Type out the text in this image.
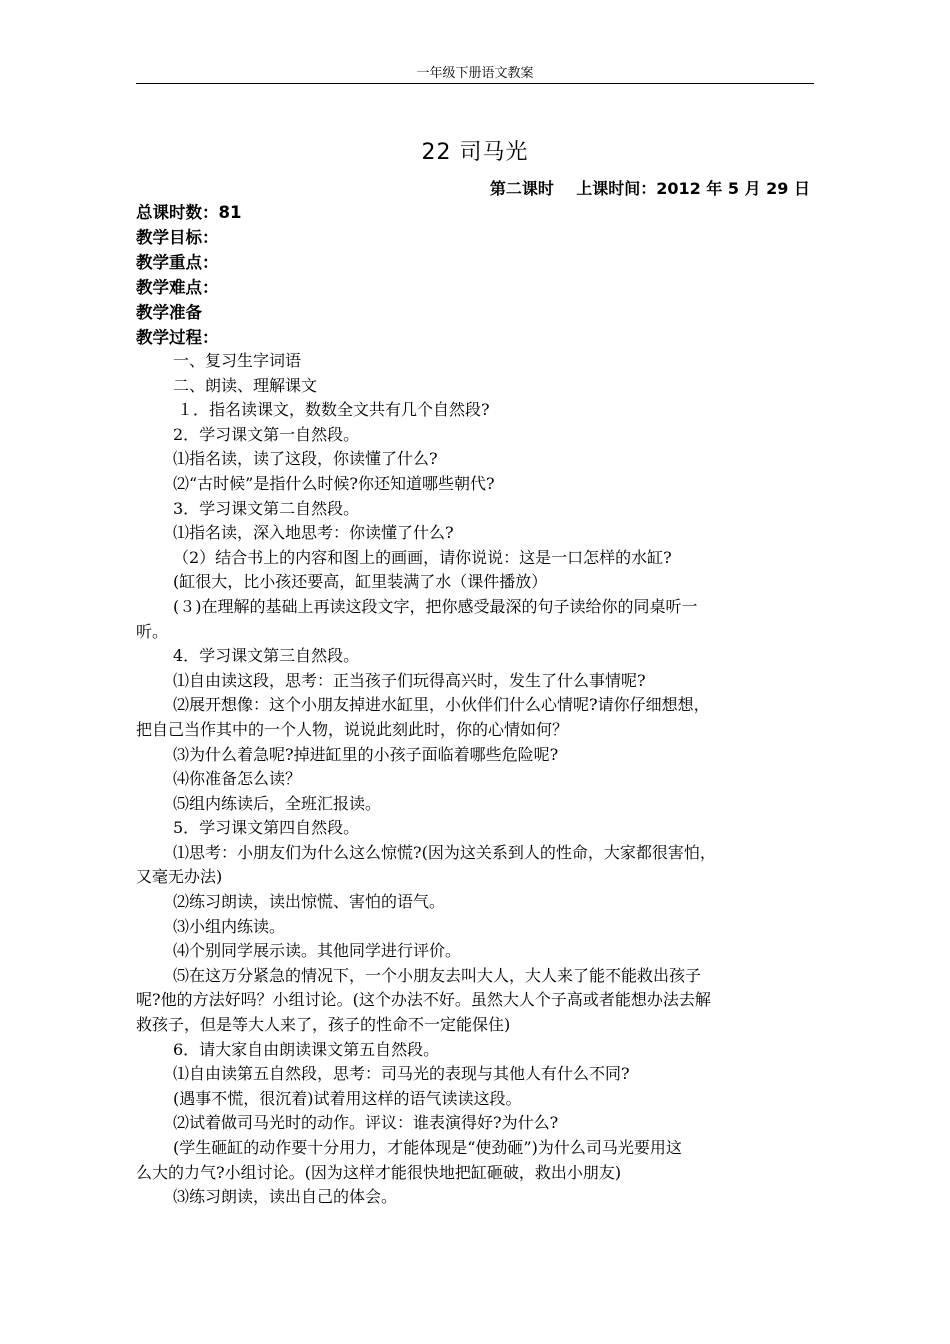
一年级下册语文教案
22 司马光
第二课时    上课时间：2012 年 5 月 29 日
总课时数：81
教学目标：
教学重点：
教学难点：
教学准备
教学过程：
一、复习生字词语
二、朗读、理解课文
１．指名读课文，数数全文共有几个自然段?
2．学习课文第一自然段。
⑴指名读，读了这段，你读懂了什么?
⑵“古时候”是指什么时候?你还知道哪些朝代?
3．学习课文第二自然段。
⑴指名读，深入地思考：你读懂了什么?
（2）结合书上的内容和图上的画画，请你说说：这是一口怎样的水缸?
(缸很大，比小孩还要高，缸里装满了水（课件播放）
(３)在理解的基础上再读这段文字，把你感受最深的句子读给你的同桌听一
听。
4．学习课文第三自然段。
⑴自由读这段，思考：正当孩子们玩得高兴时，发生了什么事情呢?
⑵展开想像：这个小朋友掉进水缸里，小伙伴们什么心情呢?请你仔细想想，
把自己当作其中的一个人物，说说此刻此时，你的心情如何？
⑶为什么着急呢?掉进缸里的小孩子面临着哪些危险呢?
⑷你准备怎么读？
⑸组内练读后，全班汇报读。
5．学习课文第四自然段。
⑴思考：小朋友们为什么这么惊慌?(因为这关系到人的性命，大家都很害怕，
又毫无办法)
⑵练习朗读，读出惊慌、害怕的语气。
⑶小组内练读。
⑷个别同学展示读。其他同学进行评价。
⑸在这万分紧急的情况下，一个小朋友去叫大人，大人来了能不能救出孩子
呢?他的方法好吗？小组讨论。(这个办法不好。虽然大人个子高或者能想办法去解
救孩子，但是等大人来了，孩子的性命不一定能保住)
6．请大家自由朗读课文第五自然段。
⑴自由读第五自然段，思考：司马光的表现与其他人有什么不同?
(遇事不慌，很沉着)试着用这样的语气读读这段。
⑵试着做司马光时的动作。评议：谁表演得好?为什么?
(学生砸缸的动作要十分用力，才能体现是“使劲砸”)为什么司马光要用这
么大的力气?小组讨论。(因为这样才能很快地把缸砸破，救出小朋友)
⑶练习朗读，读出自己的体会。
